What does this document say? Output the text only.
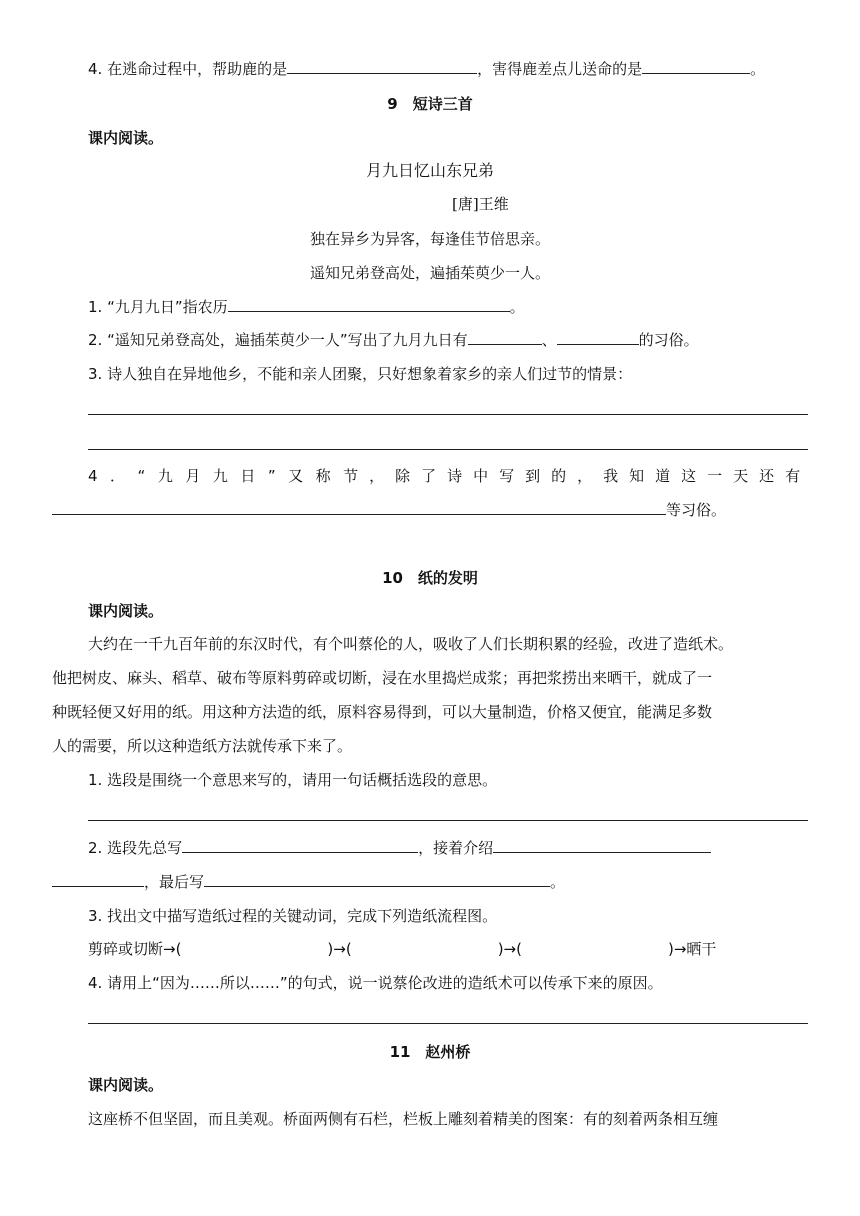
4. 在逃命过程中，帮助鹿的是	，害得鹿差点儿送命的是	。
9　短诗三首
课内阅读。
月九日忆山东兄弟
[唐]王维
独在异乡为异客，每逢佳节倍思亲。
遥知兄弟登高处，遍插茱萸少一人。
1. “九月九日”指农历	。
2. “遥知兄弟登高处，遍插茱萸少一人”写出了九月九日有	、	的习俗。
3. 诗人独自在异地他乡，不能和亲人团聚，只好想象着家乡的亲人们过节的情景：
4．“九月九日”又称 节，除了诗中写到的，我知道这一天还有
等习俗。
10　纸的发明
课内阅读。
大约在一千九百年前的东汉时代，有个叫蔡伦的人，吸收了人们长期积累的经验，改进了造纸术。
他把树皮、麻头、稻草、破布等原料剪碎或切断，浸在水里捣烂成浆；再把浆捞出来晒干，就成了一
种既轻便又好用的纸。用这种方法造的纸，原料容易得到，可以大量制造，价格又便宜，能满足多数
人的需要，所以这种造纸方法就传承下来了。
1. 选段是围绕一个意思来写的，请用一句话概括选段的意思。
2. 选段先总写	，接着介绍
，最后写	。
3. 找出文中描写造纸过程的关键动词，完成下列造纸流程图。
剪碎或切断→(	)→(	)→(	)→晒干
4. 请用上“因为……所以……”的句式，说一说蔡伦改进的造纸术可以传承下来的原因。
11　赵州桥
课内阅读。
这座桥不但坚固，而且美观。桥面两侧有石栏，栏板上雕刻着精美的图案：有的刻着两条相互缠
